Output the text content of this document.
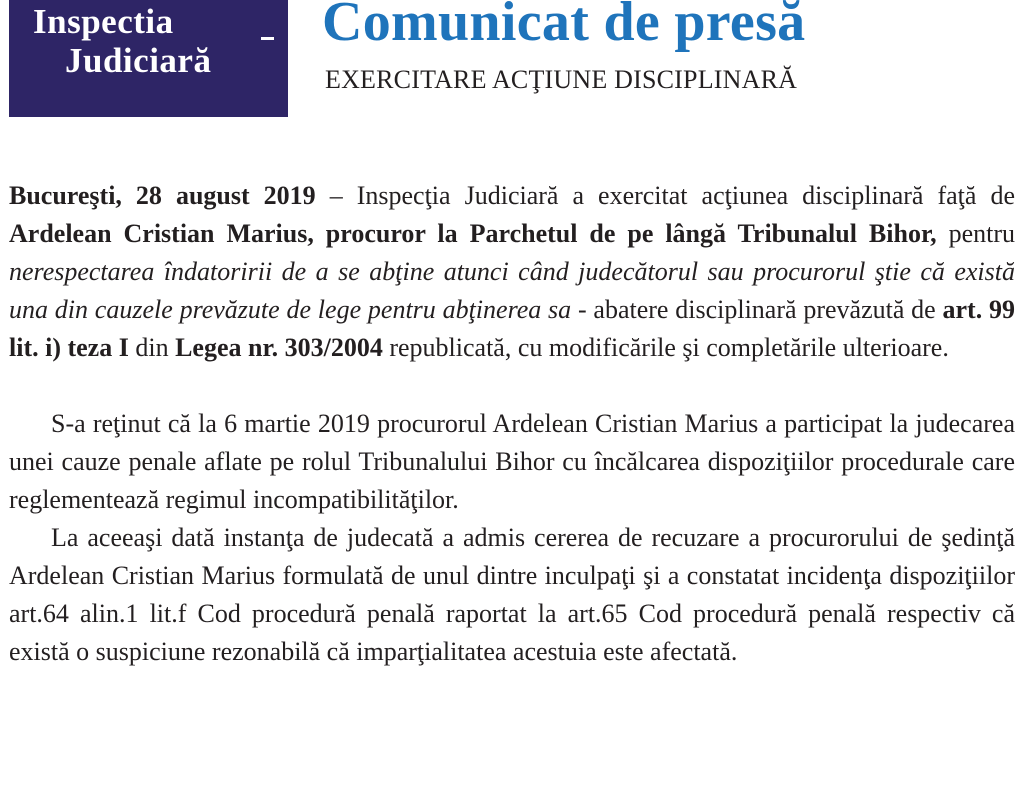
Inspectia
Judiciară
Comunicat de presă
EXERCITARE ACŢIUNE DISCIPLINARĂ

Bucureşti, 28 august 2019 – Inspecţia Judiciară a exercitat acţiunea disciplinară faţă de Ardelean Cristian Marius, procuror la Parchetul de pe lângă Tribunalul Bihor, pentru nerespectarea îndatoririi de a se abţine atunci când judecătorul sau procurorul ştie că există una din cauzele prevăzute de lege pentru abţinerea sa - abatere disciplinară prevăzută de art. 99 lit. i) teza I din Legea nr. 303/2004 republicată, cu modificările şi completările ulterioare.

S-a reţinut că la 6 martie 2019 procurorul Ardelean Cristian Marius a participat la judecarea unei cauze penale aflate pe rolul Tribunalului Bihor cu încălcarea dispoziţiilor procedurale care reglementează regimul incompatibilităţilor.

La aceeaşi dată instanţa de judecată a admis cererea de recuzare a procurorului de şedinţă Ardelean Cristian Marius formulată de unul dintre inculpaţi şi a constatat incidenţa dispoziţiilor art.64 alin.1 lit.f Cod procedură penală raportat la art.65 Cod procedură penală respectiv că există o suspiciune rezonabilă că imparţialitatea acestuia este afectată.
